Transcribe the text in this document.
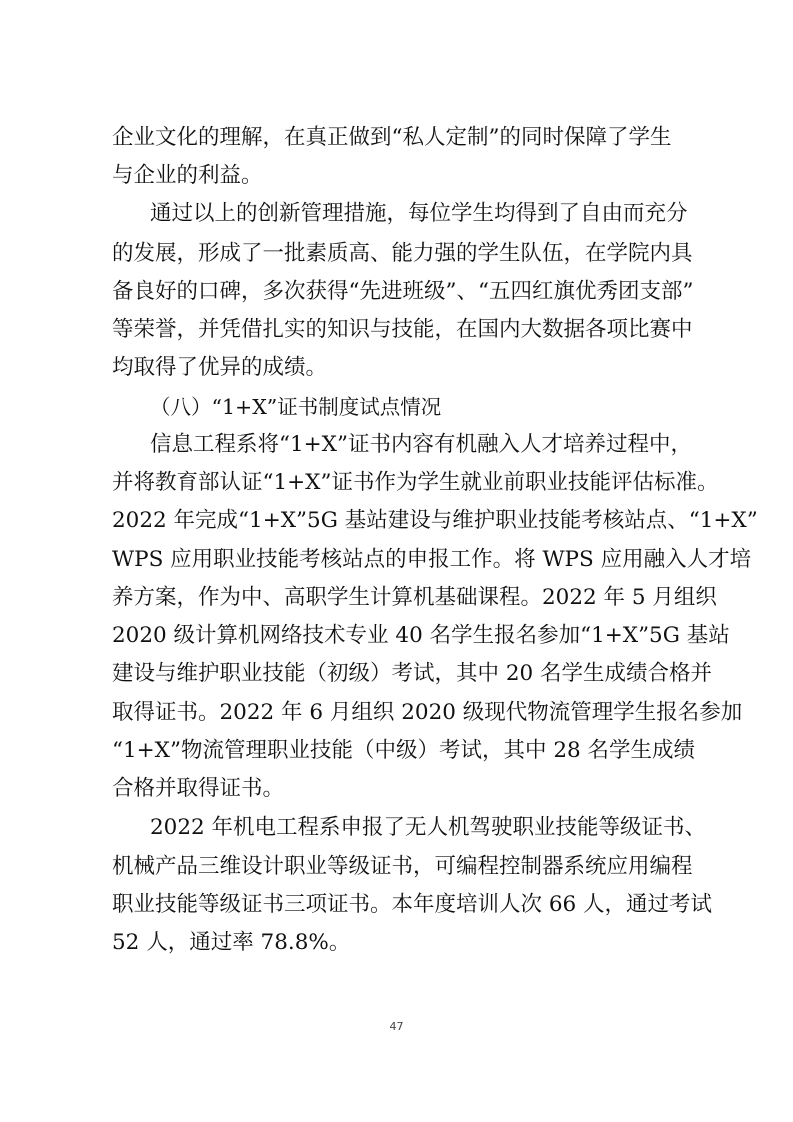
企业文化的理解，在真正做到“私人定制”的同时保障了学生
与企业的利益。
通过以上的创新管理措施，每位学生均得到了自由而充分
的发展，形成了一批素质高、能力强的学生队伍，在学院内具
备良好的口碑，多次获得“先进班级”、“五四红旗优秀团支部”
等荣誉，并凭借扎实的知识与技能，在国内大数据各项比赛中
均取得了优异的成绩。
（八）“1+X”证书制度试点情况
信息工程系将“1+X”证书内容有机融入人才培养过程中，
并将教育部认证“1+X”证书作为学生就业前职业技能评估标准。
2022 年完成“1+X”5G 基站建设与维护职业技能考核站点、“1+X”
WPS 应用职业技能考核站点的申报工作。将 WPS 应用融入人才培
养方案，作为中、高职学生计算机基础课程。2022 年 5 月组织
2020 级计算机网络技术专业 40 名学生报名参加“1+X”5G 基站
建设与维护职业技能（初级）考试，其中 20 名学生成绩合格并
取得证书。2022 年 6 月组织 2020 级现代物流管理学生报名参加
“1+X”物流管理职业技能（中级）考试，其中 28 名学生成绩
合格并取得证书。
2022 年机电工程系申报了无人机驾驶职业技能等级证书、
机械产品三维设计职业等级证书，可编程控制器系统应用编程
职业技能等级证书三项证书。本年度培训人次 66 人，通过考试
52 人，通过率 78.8%。
47
